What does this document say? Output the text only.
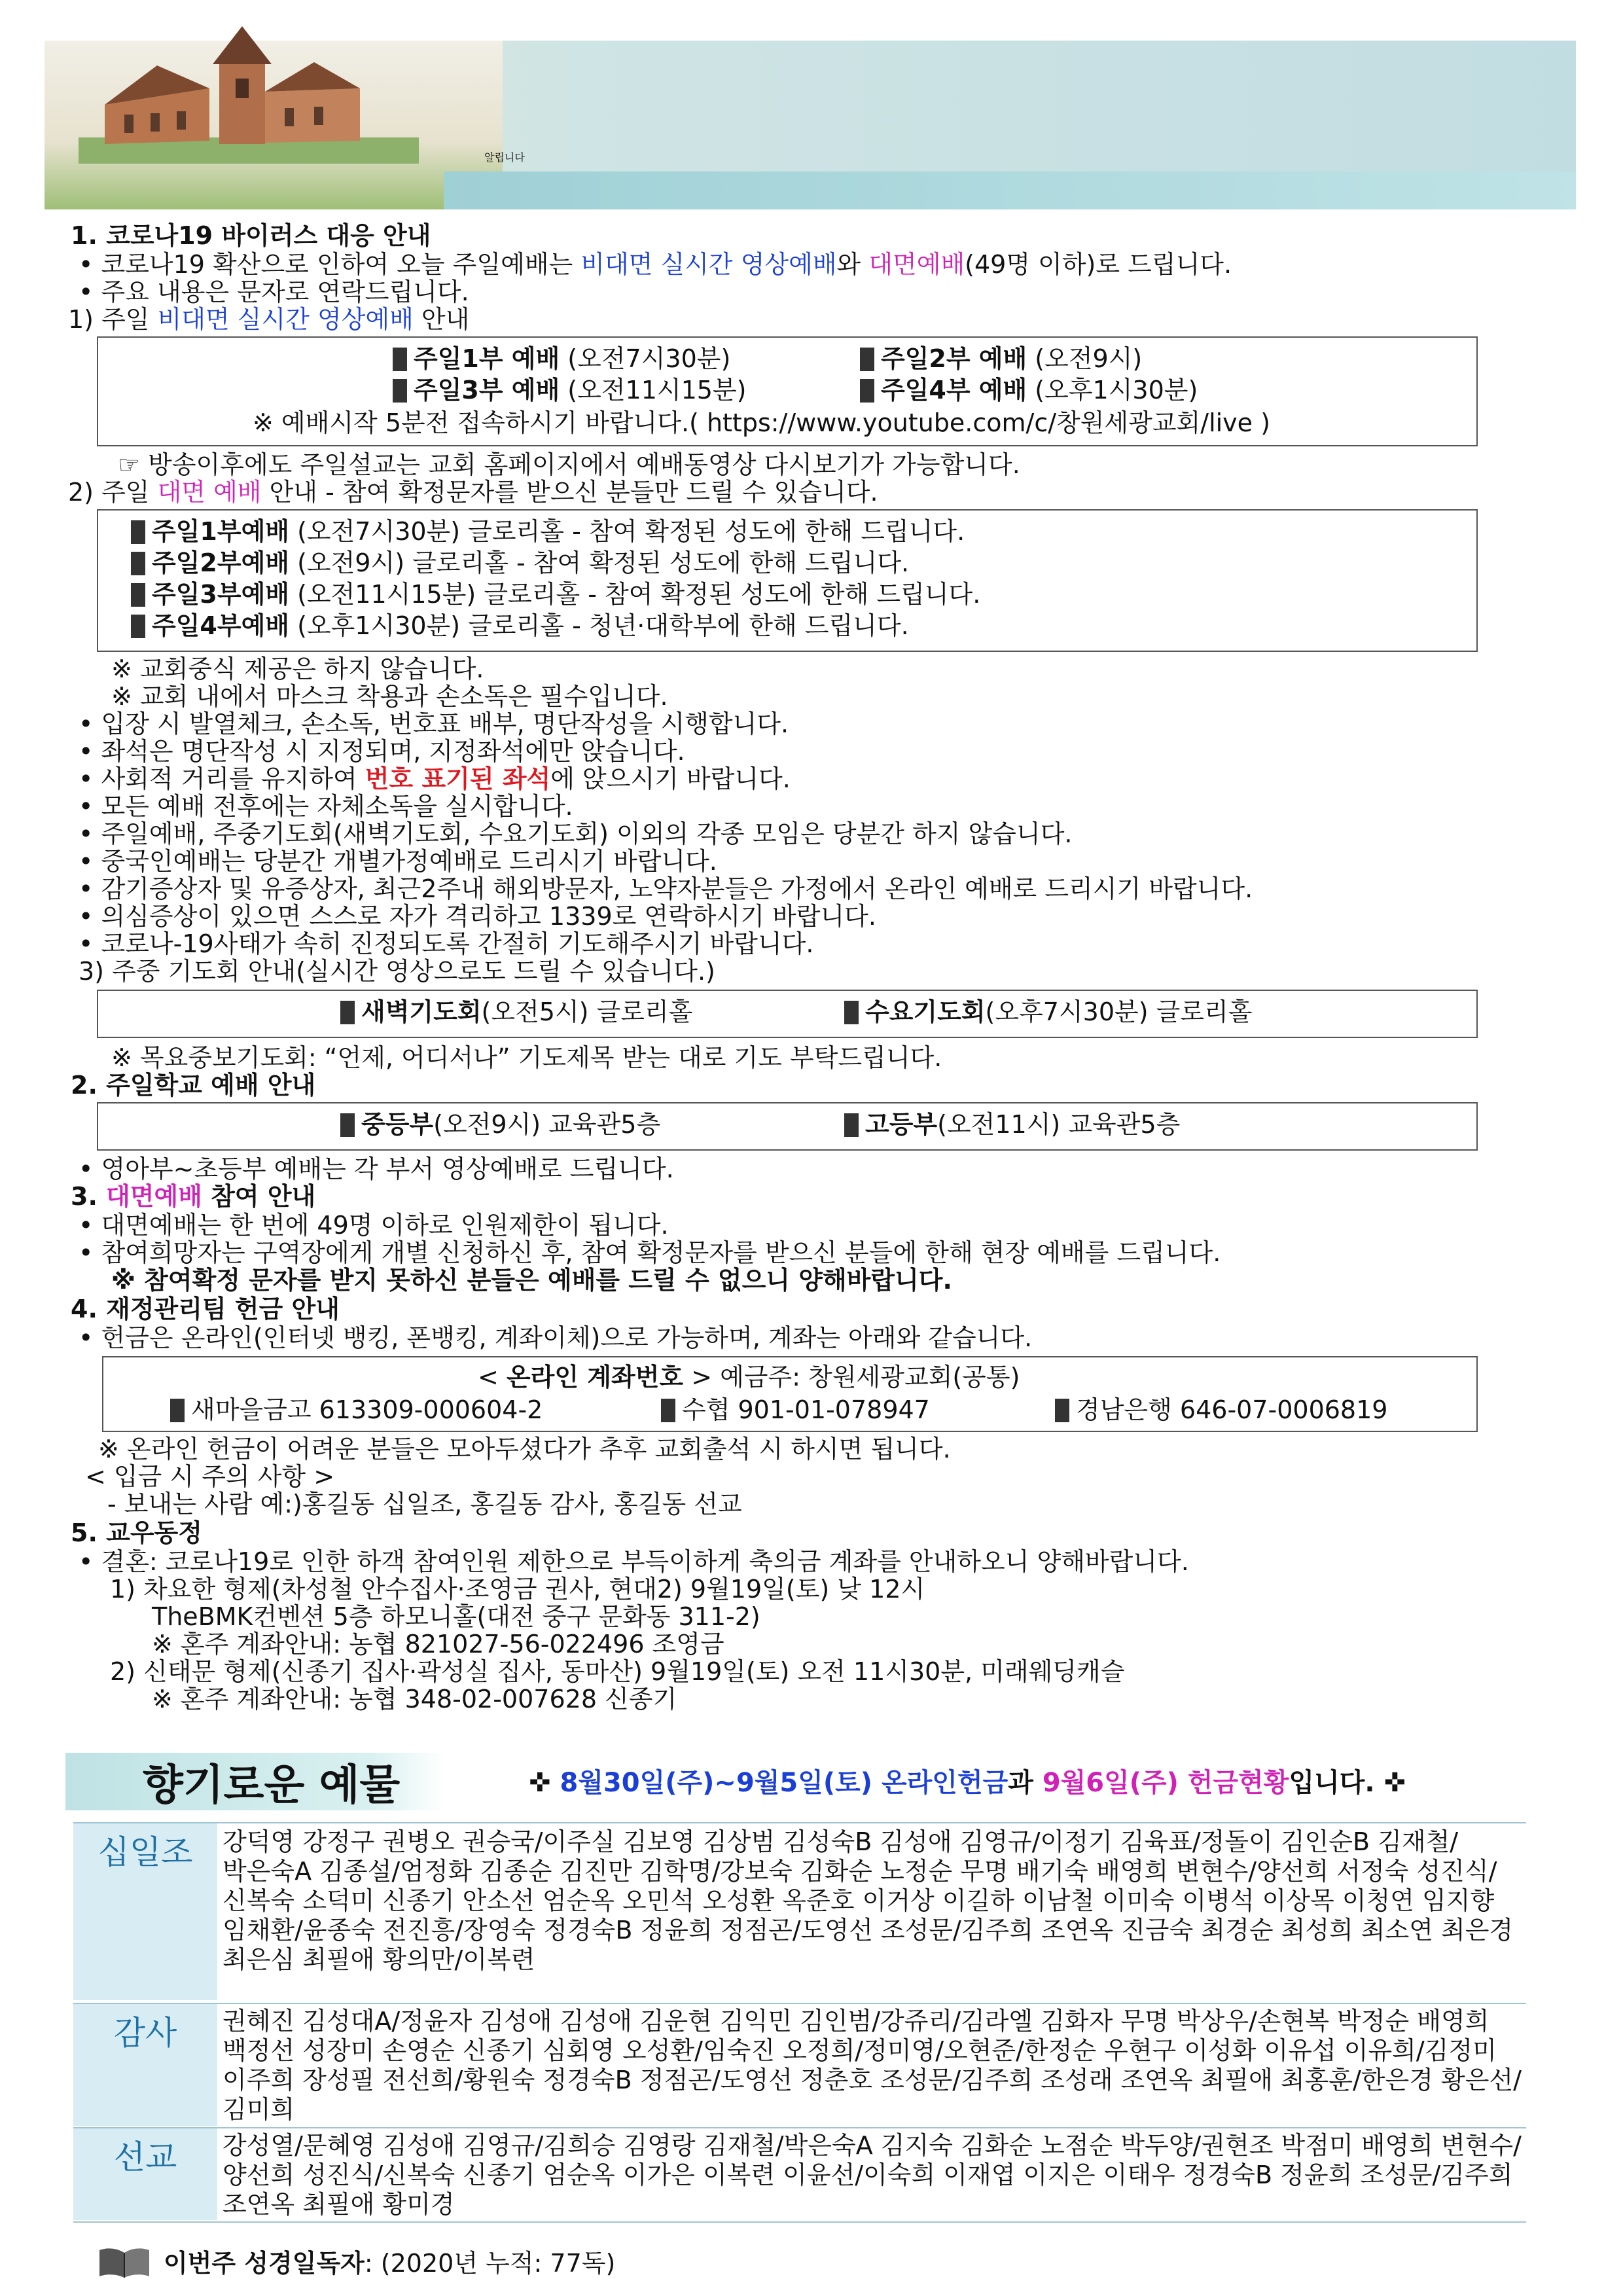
알립니다
1. 코로나19 바이러스 대응 안내
• 코로나19 확산으로 인하여 오늘 주일예배는 비대면 실시간 영상예배와 대면예배(49명 이하)로 드립니다.
• 주요 내용은 문자로 연락드립니다.
1) 주일 비대면 실시간 영상예배 안내
주일1부 예배 (오전7시30분)	주일2부 예배 (오전9시)
주일3부 예배 (오전11시15분)	주일4부 예배 (오후1시30분)
※ 예배시작 5분전 접속하시기 바랍니다.( https://www.youtube.com/c/창원세광교회/live )
☞ 방송이후에도 주일설교는 교회 홈페이지에서 예배동영상 다시보기가 가능합니다.
2) 주일 대면 예배 안내 - 참여 확정문자를 받으신 분들만 드릴 수 있습니다.
주일1부예배 (오전7시30분) 글로리홀 - 참여 확정된 성도에 한해 드립니다.
주일2부예배 (오전9시) 글로리홀 - 참여 확정된 성도에 한해 드립니다.
주일3부예배 (오전11시15분) 글로리홀 - 참여 확정된 성도에 한해 드립니다.
주일4부예배 (오후1시30분) 글로리홀 - 청년·대학부에 한해 드립니다.
※ 교회중식 제공은 하지 않습니다.
※ 교회 내에서 마스크 착용과 손소독은 필수입니다.
• 입장 시 발열체크, 손소독, 번호표 배부, 명단작성을 시행합니다.
• 좌석은 명단작성 시 지정되며, 지정좌석에만 앉습니다.
• 사회적 거리를 유지하여 번호 표기된 좌석에 앉으시기 바랍니다.
• 모든 예배 전후에는 자체소독을 실시합니다.
• 주일예배, 주중기도회(새벽기도회, 수요기도회) 이외의 각종 모임은 당분간 하지 않습니다.
• 중국인예배는 당분간 개별가정예배로 드리시기 바랍니다.
• 감기증상자 및 유증상자, 최근2주내 해외방문자, 노약자분들은 가정에서 온라인 예배로 드리시기 바랍니다.
• 의심증상이 있으면 스스로 자가 격리하고 1339로 연락하시기 바랍니다.
• 코로나-19사태가 속히 진정되도록 간절히 기도해주시기 바랍니다.
3) 주중 기도회 안내(실시간 영상으로도 드릴 수 있습니다.)
새벽기도회(오전5시) 글로리홀	수요기도회(오후7시30분) 글로리홀
※ 목요중보기도회: “언제, 어디서나” 기도제목 받는 대로 기도 부탁드립니다.
2. 주일학교 예배 안내
중등부(오전9시) 교육관5층	고등부(오전11시) 교육관5층
• 영아부~초등부 예배는 각 부서 영상예배로 드립니다.
3. 대면예배 참여 안내
• 대면예배는 한 번에 49명 이하로 인원제한이 됩니다.
• 참여희망자는 구역장에게 개별 신청하신 후, 참여 확정문자를 받으신 분들에 한해 현장 예배를 드립니다.
※ 참여확정 문자를 받지 못하신 분들은 예배를 드릴 수 없으니 양해바랍니다.
4. 재정관리팀 헌금 안내
• 헌금은 온라인(인터넷 뱅킹, 폰뱅킹, 계좌이체)으로 가능하며, 계좌는 아래와 같습니다.
< 온라인 계좌번호 > 예금주: 창원세광교회(공통)
새마을금고 613309-000604-2	수협 901-01-078947	경남은행 646-07-0006819
※ 온라인 헌금이 어려운 분들은 모아두셨다가 추후 교회출석 시 하시면 됩니다.
< 입금 시 주의 사항 >
- 보내는 사람 예:)홍길동 십일조, 홍길동 감사, 홍길동 선교
5. 교우동정
• 결혼: 코로나19로 인한 하객 참여인원 제한으로 부득이하게 축의금 계좌를 안내하오니 양해바랍니다.
1) 차요한 형제(차성철 안수집사·조영금 권사, 현대2) 9월19일(토) 낮 12시
TheBMK컨벤션 5층 하모니홀(대전 중구 문화동 311-2)
※ 혼주 계좌안내: 농협 821027-56-022496 조영금
2) 신태문 형제(신종기 집사·곽성실 집사, 동마산) 9월19일(토) 오전 11시30분, 미래웨딩캐슬
※ 혼주 계좌안내: 농협 348-02-007628 신종기
향기로운 예물	✜ 8월30일(주)~9월5일(토) 온라인헌금과 9월6일(주) 헌금현황입니다. ✜
십일조	강덕영 강정구 권병오 권승국/이주실 김보영 김상범 김성숙B 김성애 김영규/이정기 김육표/정돌이 김인순B 김재철/박은숙A 김종설/엄정화 김종순 김진만 김학명/강보숙 김화순 노정순 무명 배기숙 배영희 변현수/양선희 서정숙 성진식/신복숙 소덕미 신종기 안소선 엄순옥 오민석 오성환 옥준호 이거상 이길하 이남철 이미숙 이병석 이상목 이청연 임지향 임채환/윤종숙 전진흥/장영숙 정경숙B 정윤희 정점곤/도영선 조성문/김주희 조연옥 진금숙 최경순 최성희 최소연 최은경 최은심 최필애 황의만/이복련
감사	권혜진 김성대A/정윤자 김성애 김성애 김운현 김익민 김인범/강쥬리/김라엘 김화자 무명 박상우/손현복 박정순 배영희 백정선 성장미 손영순 신종기 심회영 오성환/임숙진 오정희/정미영/오현준/한정순 우현구 이성화 이유섭 이유희/김정미 이주희 장성필 전선희/황원숙 정경숙B 정점곤/도영선 정춘호 조성문/김주희 조성래 조연옥 최필애 최홍훈/한은경 황은선/김미희
선교	강성열/문혜영 김성애 김영규/김희승 김영랑 김재철/박은숙A 김지숙 김화순 노점순 박두양/권현조 박점미 배영희 변현수/양선희 성진식/신복숙 신종기 엄순옥 이가은 이복련 이윤선/이숙희 이재엽 이지은 이태우 정경숙B 정윤희 조성문/김주희 조연옥 최필애 황미경
이번주 성경일독자: (2020년 누적: 77독)
